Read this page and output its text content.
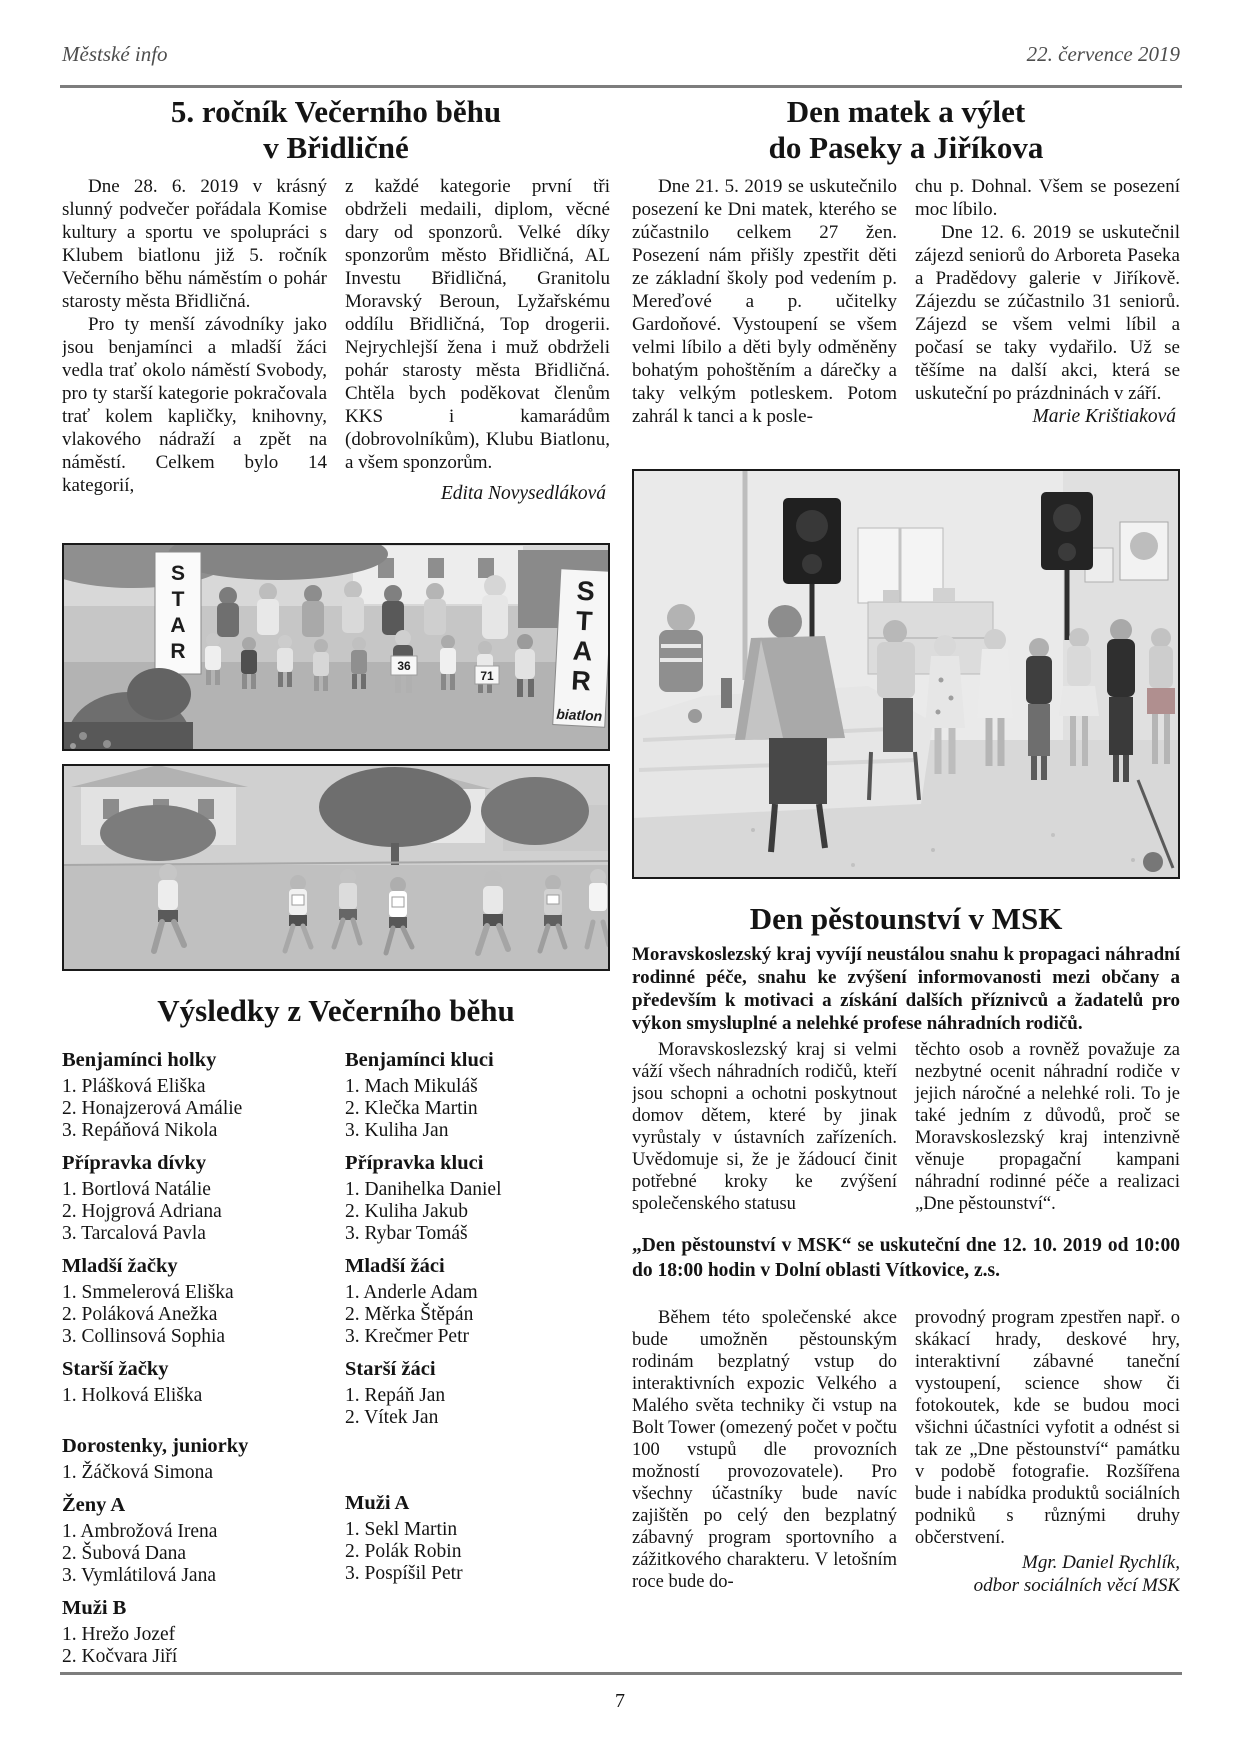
Městské info	22. července 2019
5. ročník Večerního běhu
v Břidličné

Dne 28. 6. 2019 v krásný slunný podvečer pořádala Komise kultury a sportu ve spolupráci s Klubem biatlonu již 5. ročník Večerního běhu náměstím o pohár starosty města Břidličná.

Pro ty menší závodníky jako jsou benjamínci a mladší žáci vedla trať okolo náměstí Svobody, pro ty starší kategorie pokračovala trať kolem kapličky, knihovny, vlakového nádraží a zpět na náměstí. Celkem bylo 14 kategorií,

z každé kategorie první tři obdrželi medaili, diplom, věcné dary od sponzorů. Velké díky sponzorům město Břidličná, AL Investu Břidličná, Granitolu Moravský Beroun, Lyžařskému oddílu Břidličná, Top drogerii. Nejrychlejší žena i muž obdrželi pohár starosty města Břidličná. Chtěla bych poděkovat členům KKS i kamarádům (dobrovolníkům), Klubu Biatlonu, a všem sponzorům.

Edita Novysedláková
S
T
A
R
36
71
S
T
A
R
biatlon
Výsledky z Večerního běhu
Benjamínci holky
1. Plášková Eliška
2. Honajzerová Amálie
3. Repáňová Nikola
Přípravka dívky
1. Bortlová Natálie
2. Hojgrová Adriana
3. Tarcalová Pavla
Mladší žačky
1. Smmelerová Eliška
2. Poláková Anežka
3. Collinsová Sophia
Starší žačky
1. Holková Eliška
Dorostenky, juniorky
1. Žáčková Simona
Ženy A
1. Ambrožová Irena
2. Šubová Dana
3. Vymlátilová Jana
Muži B
1. Hrežo Jozef
2. Kočvara Jiří
Benjamínci kluci
1. Mach Mikuláš
2. Klečka Martin
3. Kuliha Jan
Přípravka kluci
1. Danihelka Daniel
2. Kuliha Jakub
3. Rybar Tomáš
Mladší žáci
1. Anderle Adam
2. Měrka Štěpán
3. Krečmer Petr
Starší žáci
1. Repáň Jan
2. Vítek Jan
Muži A
1. Sekl Martin
2. Polák Robin
3. Pospíšil Petr
Den matek a výlet
do Paseky a Jiříkova

Dne 21. 5. 2019 se uskutečnilo posezení ke Dni matek, kterého se zúčastnilo celkem 27 žen. Posezení nám přišly zpestřit děti ze základní školy pod vedením p. Mereďové a p. učitelky Gardoňové. Vystoupení se všem velmi líbilo a děti byly odměněny bohatým pohoštěním a dárečky a taky velkým potleskem. Potom zahrál k tanci a k posle-

chu p. Dohnal. Všem se posezení moc líbilo.

Dne 12. 6. 2019 se uskutečnil zájezd seniorů do Arboreta Paseka a Pradědovy galerie v Jiříkově. Zájezdu se zúčastnilo 31 seniorů. Zájezd se všem velmi líbil a počasí se taky vydařilo. Už se těšíme na další akci, která se uskuteční po prázdninách v září.

Marie Krištiaková
Den pěstounství v MSK
Moravskoslezský kraj vyvíjí neustálou snahu k propagaci náhradní rodinné péče, snahu ke zvýšení informovanosti mezi občany a především k motivaci a získání dalších příznivců a žadatelů pro výkon smysluplné a nelehké profese náhradních rodičů.

Moravskoslezský kraj si velmi váží všech náhradních rodičů, kteří jsou schopni a ochotni poskytnout domov dětem, které by jinak vyrůstaly v ústavních zařízeních. Uvědomuje si, že je žádoucí činit potřebné kroky ke zvýšení společenského statusu

těchto osob a rovněž považuje za nezbytné ocenit náhradní rodiče v jejich náročné a nelehké roli. To je také jedním z důvodů, proč se Moravskoslezský kraj intenzivně věnuje propagační kampani náhradní rodinné péče a realizaci „Dne pěstounství“.

„Den pěstounství v MSK“ se uskuteční dne 12. 10. 2019 od 10:00 do 18:00 hodin v Dolní oblasti Vítkovice, z.s.

Během této společenské akce bude umožněn pěstounským rodinám bezplatný vstup do interaktivních expozic Velkého a Malého světa techniky či vstup na Bolt Tower (omezený počet v počtu 100 vstupů dle provozních možností provozovatele). Pro všechny účastníky bude navíc zajištěn po celý den bezplatný zábavný program sportovního a zážitkového charakteru. V letošním roce bude do-

provodný program zpestřen např. o skákací hrady, deskové hry, interaktivní zábavné taneční vystoupení, science show či fotokoutek, kde se budou moci všichni účastníci vyfotit a odnést si tak ze „Dne pěstounství“ památku v podobě fotografie. Rozšířena bude i nabídka produktů sociálních podniků s různými druhy občerstvení.

Mgr. Daniel Rychlík,
odbor sociálních věcí MSK
7
